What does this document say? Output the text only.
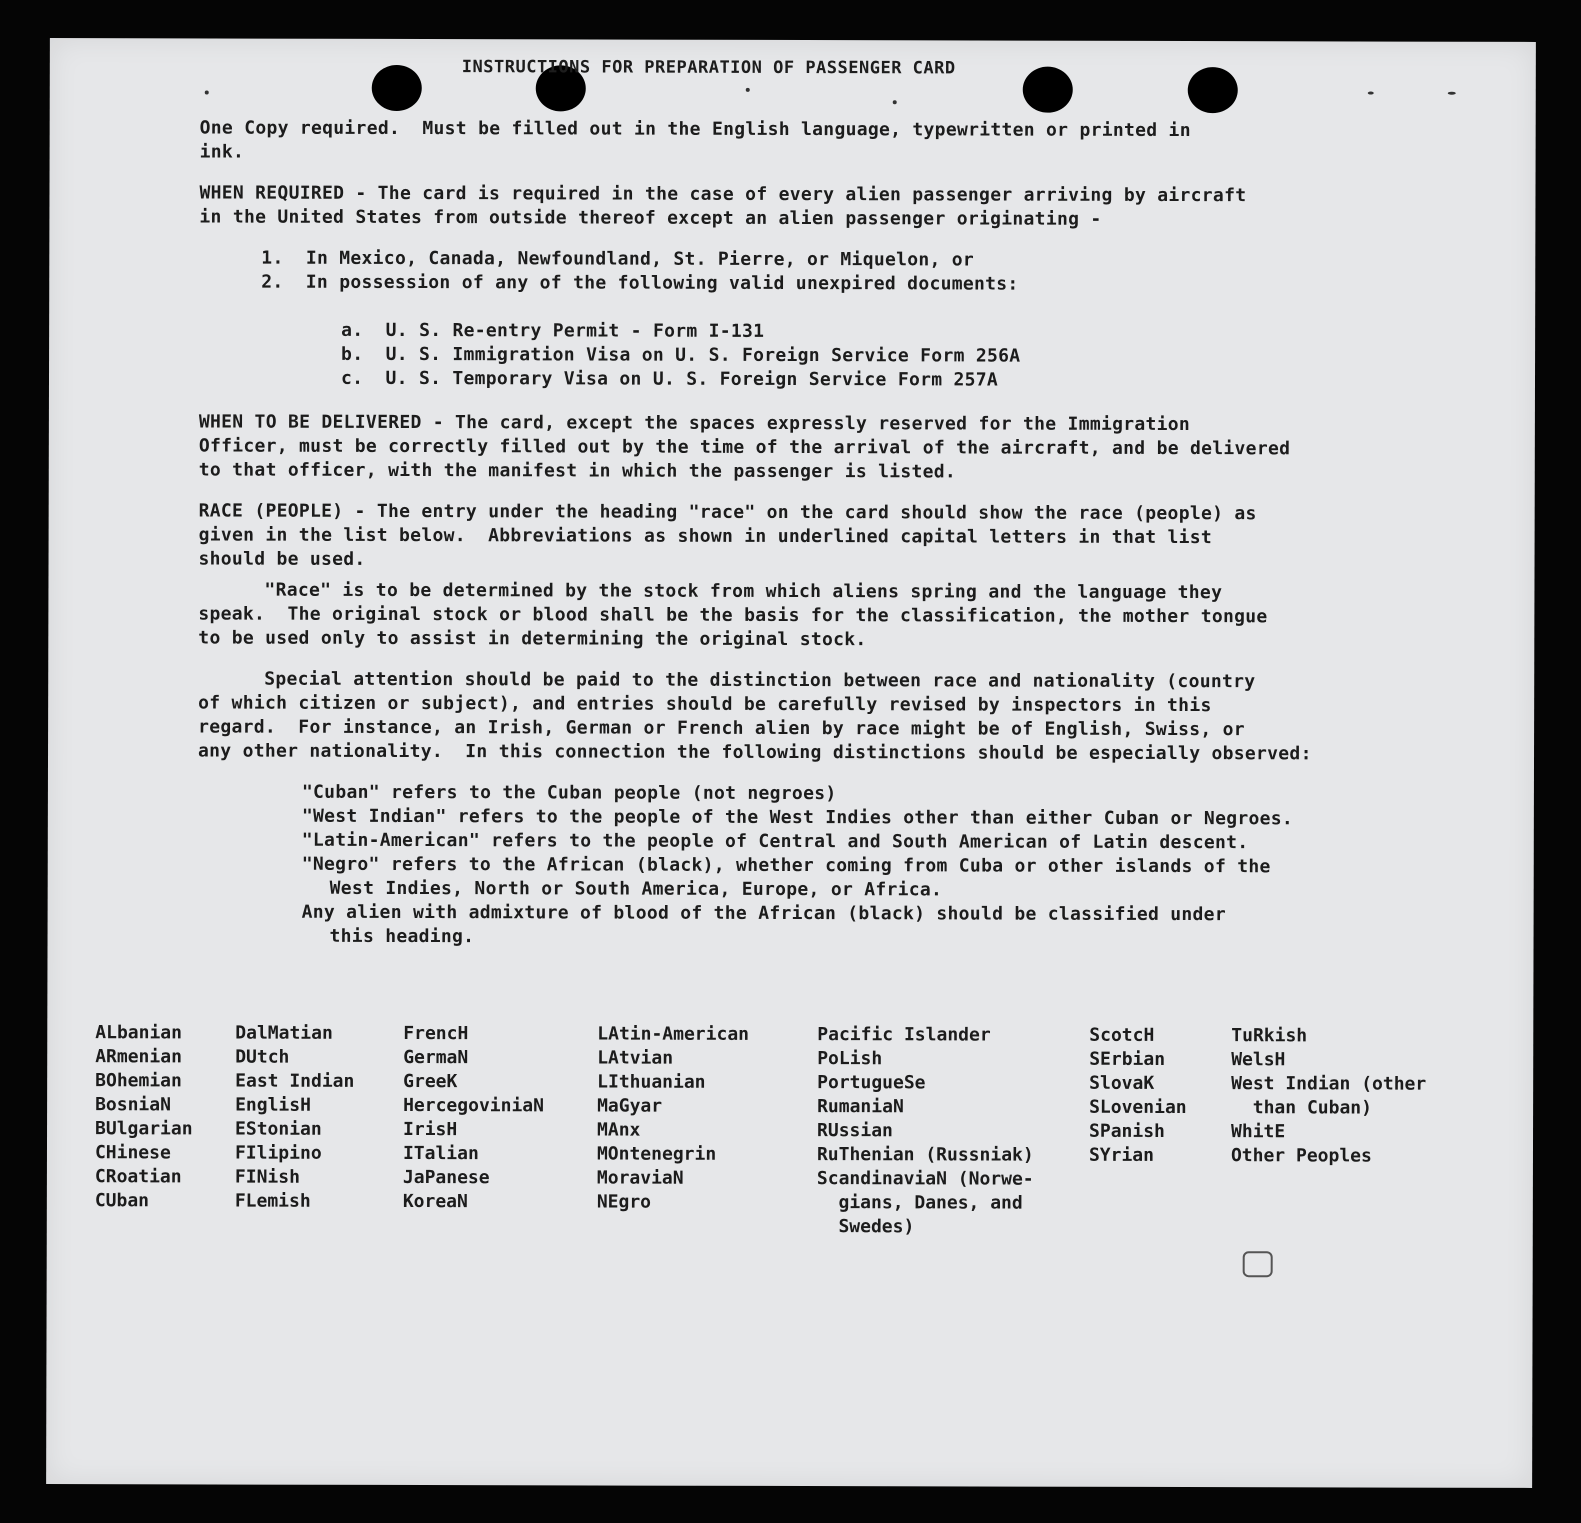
INSTRUCTIONS FOR PREPARATION OF PASSENGER CARD
One Copy required.  Must be filled out in the English language, typewritten or printed in
ink.
WHEN REQUIRED - The card is required in the case of every alien passenger arriving by aircraft
in the United States from outside thereof except an alien passenger originating -
1.  In Mexico, Canada, Newfoundland, St. Pierre, or Miquelon, or
2.  In possession of any of the following valid unexpired documents:
a.  U. S. Re-entry Permit - Form I-131
b.  U. S. Immigration Visa on U. S. Foreign Service Form 256A
c.  U. S. Temporary Visa on U. S. Foreign Service Form 257A
WHEN TO BE DELIVERED - The card, except the spaces expressly reserved for the Immigration
Officer, must be correctly filled out by the time of the arrival of the aircraft, and be delivered
to that officer, with the manifest in which the passenger is listed.
RACE (PEOPLE) - The entry under the heading "race" on the card should show the race (people) as
given in the list below.  Abbreviations as shown in underlined capital letters in that list
should be used.
"Race" is to be determined by the stock from which aliens spring and the language they
speak.  The original stock or blood shall be the basis for the classification, the mother tongue
to be used only to assist in determining the original stock.
Special attention should be paid to the distinction between race and nationality (country
of which citizen or subject), and entries should be carefully revised by inspectors in this
regard.  For instance, an Irish, German or French alien by race might be of English, Swiss, or
any other nationality.  In this connection the following distinctions should be especially observed:
"Cuban" refers to the Cuban people (not negroes)
"West Indian" refers to the people of the West Indies other than either Cuban or Negroes.
"Latin-American" refers to the people of Central and South American of Latin descent.
"Negro" refers to the African (black), whether coming from Cuba or other islands of the
West Indies, North or South America, Europe, or Africa.
Any alien with admixture of blood of the African (black) should be classified under
this heading.
ALbanian
ARmenian
BOhemian
BosniaN
BUlgarian
CHinese
CRoatian
CUban
DalMatian
DUtch
East Indian
EnglisH
EStonian
FIlipino
FINish
FLemish
FrencH
GermaN
GreeK
HercegoviniaN
IrisH
ITalian
JaPanese
KoreaN
LAtin-American
LAtvian
LIthuanian
MaGyar
MAnx
MOntenegrin
MoraviaN
NEgro
Pacific Islander
PoLish
PortugueSe
RumaniaN
RUssian
RuThenian (Russniak)
ScandinaviaN (Norwe-
gians, Danes, and
Swedes)
ScotcH
SErbian
SlovaK
SLovenian
SPanish
SYrian
TuRkish
WelsH
West Indian (other
than Cuban)
WhitE
Other Peoples
